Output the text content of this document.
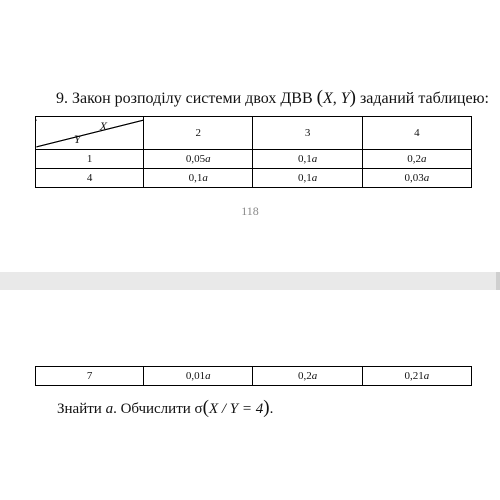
9. Закон розподілу системи двох ДВВ (X, Y) заданий таблицею:
X
Y	2	3	4
1	0,05a	0,1a	0,2a
4	0,1a	0,1a	0,03a
118
7	0,01a	0,2a	0,21a
Знайти a. Обчислити σ(X / Y = 4).
